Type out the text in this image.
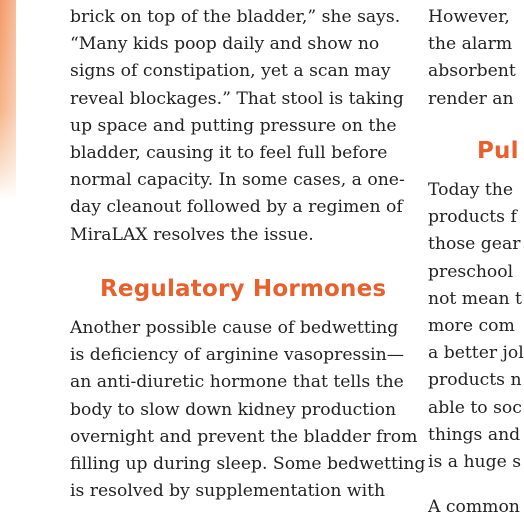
brick on top of the bladder,” she says.
“Many kids poop daily and show no
signs of constipation, yet a scan may
reveal blockages.” That stool is taking
up space and putting pressure on the
bladder, causing it to feel full before
normal capacity. In some cases, a one-
day cleanout followed by a regimen of
MiraLAX resolves the issue.
Regulatory Hormones
Another possible cause of bedwetting
is deficiency of arginine vasopressin—
an anti-diuretic hormone that tells the
body to slow down kidney production
overnight and prevent the bladder from
filling up during sleep. Some bedwetting
is resolved by supplementation with
However,
the alarm
absorbent
render an
Pul
Today the
products f
those gear
preschool
not mean t
more com
a better jol
products n
able to soc
things and
is a huge s
A common
